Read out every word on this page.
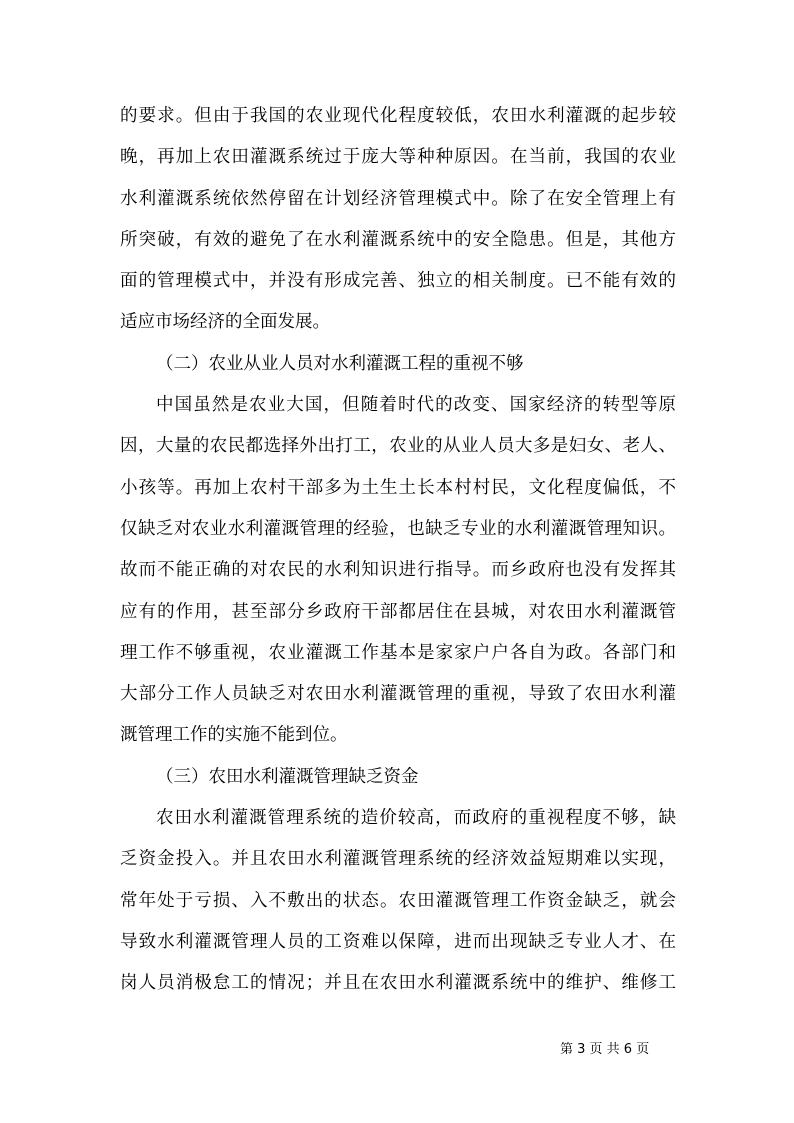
的要求。但由于我国的农业现代化程度较低，农田水利灌溉的起步较
晚，再加上农田灌溉系统过于庞大等种种原因。在当前，我国的农业
水利灌溉系统依然停留在计划经济管理模式中。除了在安全管理上有
所突破，有效的避免了在水利灌溉系统中的安全隐患。但是，其他方
面的管理模式中，并没有形成完善、独立的相关制度。已不能有效的
适应市场经济的全面发展。
（二）农业从业人员对水利灌溉工程的重视不够
中国虽然是农业大国，但随着时代的改变、国家经济的转型等原
因，大量的农民都选择外出打工，农业的从业人员大多是妇女、老人、
小孩等。再加上农村干部多为土生土长本村村民，文化程度偏低，不
仅缺乏对农业水利灌溉管理的经验，也缺乏专业的水利灌溉管理知识。
故而不能正确的对农民的水利知识进行指导。而乡政府也没有发挥其
应有的作用，甚至部分乡政府干部都居住在县城，对农田水利灌溉管
理工作不够重视，农业灌溉工作基本是家家户户各自为政。各部门和
大部分工作人员缺乏对农田水利灌溉管理的重视，导致了农田水利灌
溉管理工作的实施不能到位。
（三）农田水利灌溉管理缺乏资金
农田水利灌溉管理系统的造价较高，而政府的重视程度不够，缺
乏资金投入。并且农田水利灌溉管理系统的经济效益短期难以实现，
常年处于亏损、入不敷出的状态。农田灌溉管理工作资金缺乏，就会
导致水利灌溉管理人员的工资难以保障，进而出现缺乏专业人才、在
岗人员消极怠工的情况；并且在农田水利灌溉系统中的维护、维修工
第 3 页 共 6 页
